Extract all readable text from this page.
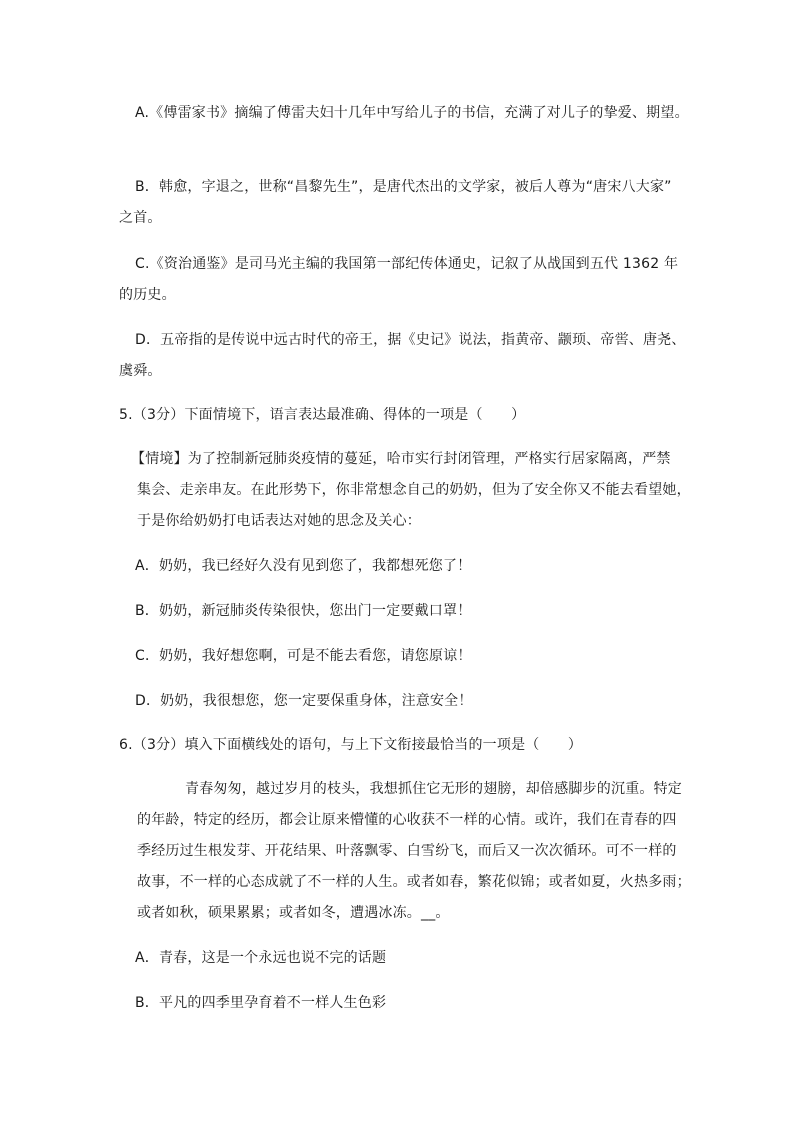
A.《傅雷家书》摘编了傅雷夫妇十几年中写给儿子的书信，充满了对儿子的挚爱、期望。
B．韩愈，字退之，世称“昌黎先生”，是唐代杰出的文学家，被后人尊为“唐宋八大家”
之首。
C.《资治通鉴》是司马光主编的我国第一部纪传体通史，记叙了从战国到五代 1362 年
的历史。
D．五帝指的是传说中远古时代的帝王，据《史记》说法，指黄帝、颛顼、帝喾、唐尧、
虞舜。
5.（3分）下面情境下，语言表达最准确、得体的一项是（　　）
【情境】为了控制新冠肺炎疫情的蔓延，哈市实行封闭管理，严格实行居家隔离，严禁
集会、走亲串友。在此形势下，你非常想念自己的奶奶，但为了安全你又不能去看望她，
于是你给奶奶打电话表达对她的思念及关心：
A．奶奶，我已经好久没有见到您了，我都想死您了！
B．奶奶，新冠肺炎传染很快，您出门一定要戴口罩！
C．奶奶，我好想您啊，可是不能去看您，请您原谅！
D．奶奶，我很想您，您一定要保重身体，注意安全！
6.（3分）填入下面横线处的语句，与上下文衔接最恰当的一项是（　　）
青春匆匆，越过岁月的枝头，我想抓住它无形的翅膀，却倍感脚步的沉重。特定
的年龄，特定的经历，都会让原来懵懂的心收获不一样的心情。或许，我们在青春的四
季经历过生根发芽、开花结果、叶落飘零、白雪纷飞，而后又一次次循环。可不一样的
故事，不一样的心态成就了不一样的人生。或者如春，繁花似锦；或者如夏，火热多雨；
或者如秋，硕果累累；或者如冬，遭遇冰冻。__。
A．青春，这是一个永远也说不完的话题
B．平凡的四季里孕育着不一样人生色彩
